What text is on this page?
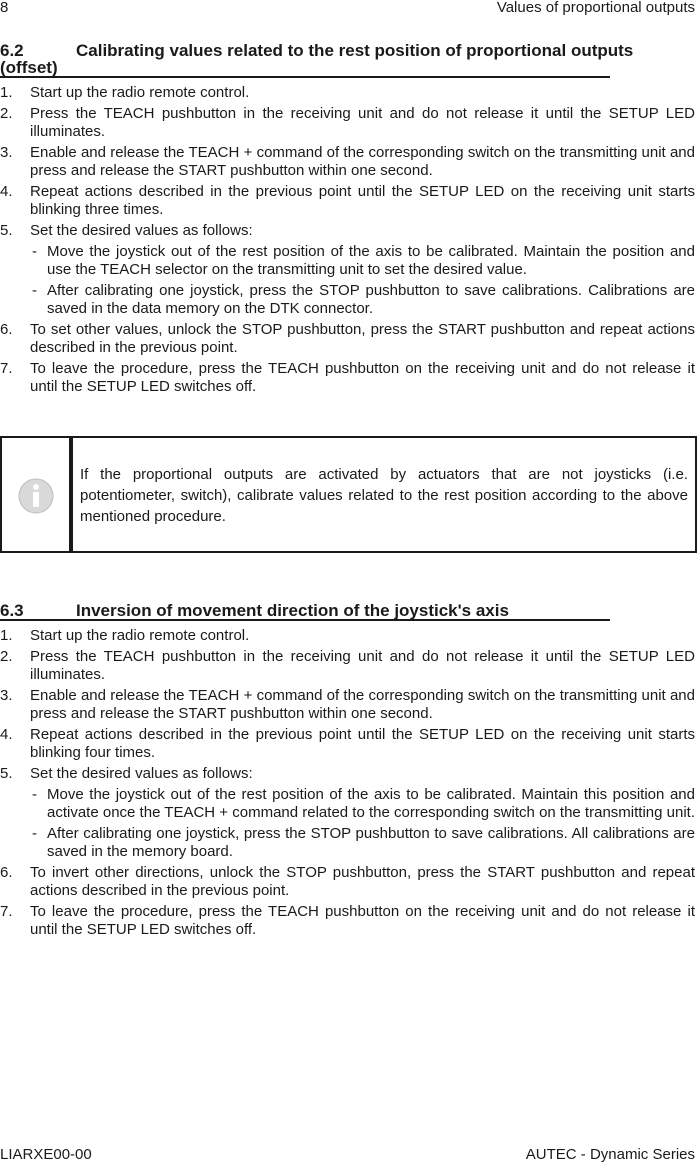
8	Values of proportional outputs
6.2	Calibrating values related to the rest position of proportional outputs
(offset)
1. Start up the radio remote control.
2. Press the TEACH pushbutton in the receiving unit and do not release it until the SETUP LED illuminates.
3. Enable and release the TEACH + command of the corresponding switch on the transmitting unit and press and release the START pushbutton within one second.
4. Repeat actions described in the previous point until the SETUP LED on the receiving unit starts blinking three times.
5. Set the desired values as follows:
- Move the joystick out of the rest position of the axis to be calibrated. Maintain the position and use the TEACH selector on the transmitting unit to set the desired value.
- After calibrating one joystick, press the STOP pushbutton to save calibrations. Calibrations are saved in the data memory on the DTK connector.
6. To set other values, unlock the STOP pushbutton, press the START pushbutton and repeat actions described in the previous point.
7. To leave the procedure, press the TEACH pushbutton on the receiving unit and do not release it until the SETUP LED switches off.
If the proportional outputs are activated by actuators that are not joysticks (i.e. potentiometer, switch), calibrate values related to the rest position according to the above mentioned procedure.
6.3	Inversion of movement direction of the joystick's axis
1. Start up the radio remote control.
2. Press the TEACH pushbutton in the receiving unit and do not release it until the SETUP LED illuminates.
3. Enable and release the TEACH + command of the corresponding switch on the transmitting unit and press and release the START pushbutton within one second.
4. Repeat actions described in the previous point until the SETUP LED on the receiving unit starts blinking four times.
5. Set the desired values as follows:
- Move the joystick out of the rest position of the axis to be calibrated. Maintain this position and activate once the TEACH + command related to the corresponding switch on the transmitting unit.
- After calibrating one joystick, press the STOP pushbutton to save calibrations. All calibrations are saved in the memory board.
6. To invert other directions, unlock the STOP pushbutton, press the START pushbutton and repeat actions described in the previous point.
7. To leave the procedure, press the TEACH pushbutton on the receiving unit and do not release it until the SETUP LED switches off.
LIARXE00-00	AUTEC - Dynamic Series
